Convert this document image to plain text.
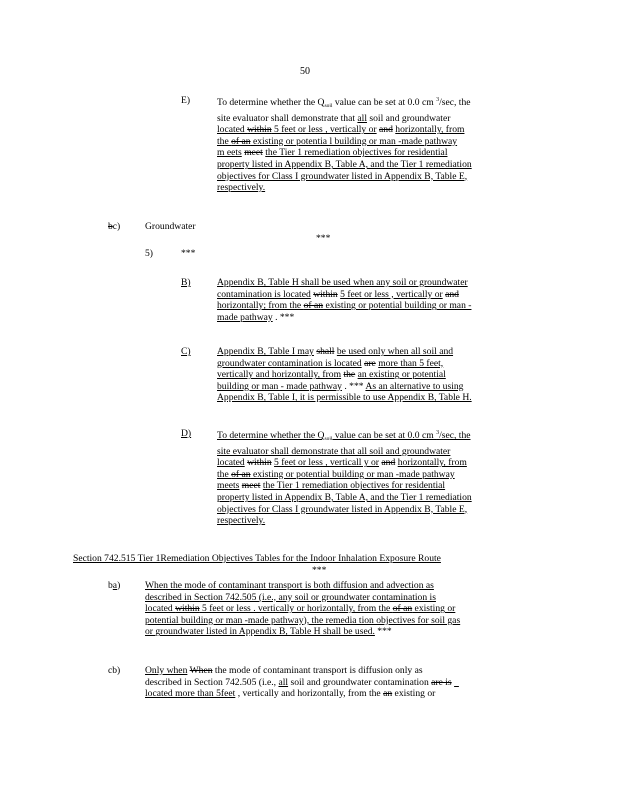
50
E)	To determine whether the $Q_{soil}$ value can be set at 0.0 cm $^3$/sec, the
site evaluator shall demonstrate that all soil and groundwater
located within 5 feet or less , vertically or and horizontally, from
the of an existing or potentia l building or man -made pathway
m eets meet the Tier 1 remediation objectives for residential
property listed in Appendix B, Table A, and the Tier 1 remediation
objectives for Class I groundwater listed in Appendix B, Table E,
respectively.
bc)	Groundwater
***
5)	***
B)	Appendix B, Table H shall be used when any soil or groundwater
contamination is located within 5 feet or less , vertically or and
horizontally; from the of an existing or potential building or man -
made pathway . ***
C)	Appendix B, Table I may shall be used only when all soil and
groundwater contamination is located are more than 5 feet,
vertically and horizontally, from the an existing or potential
building or man - made pathway . *** As an alternative to using
Appendix B, Table I, it is permissible to use Appendix B, Table H.
D)	To determine whether the $Q_{soil}$ value can be set at 0.0 cm $^3$/sec, the
site evaluator shall demonstrate that all soil and groundwater
located within 5 feet or less , verticall y or and horizontally, from
the of an existing or potential building or man -made pathway
meets meet the Tier 1 remediation objectives for residential
property listed in Appendix B, Table A, and the Tier 1 remediation
objectives for Class I groundwater listed in Appendix B, Table E,
respectively.
Section 742.515 Tier 1Remediation Objectives Tables for the Indoor Inhalation Exposure Route
***
ba)	When the mode of contaminant transport is both diffusion and advection as
described in Section 742.505 (i.e., any soil or groundwater contamination is
located within 5 feet or less . vertically or horizontally, from the of an existing or
potential building or man -made pathway), the remedia tion objectives for soil gas
or groundwater listed in Appendix B, Table H shall be used. ***
cb)	Only when When the mode of contaminant transport is diffusion only as
described in Section 742.505 (i.e., all soil and groundwater contamination are is
located more than 5feet , vertically and horizontally, from the an existing or
